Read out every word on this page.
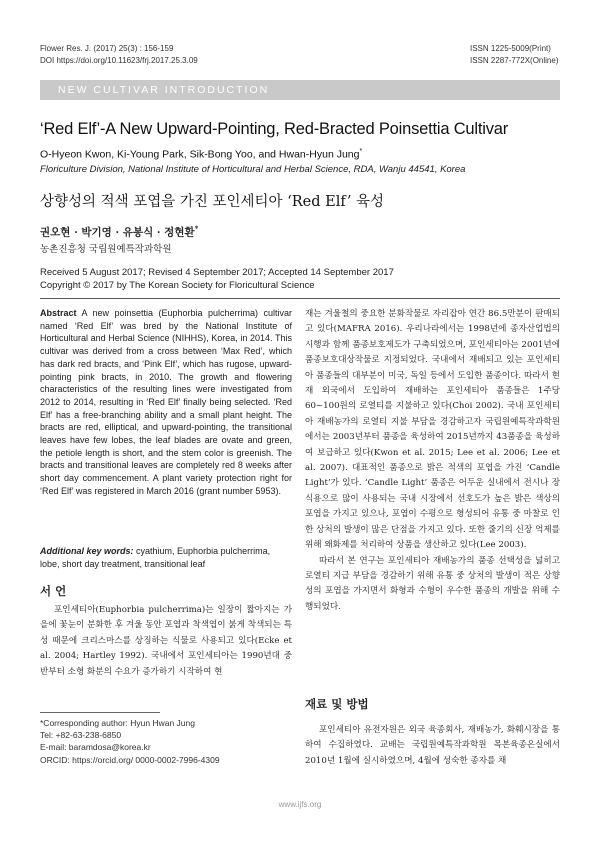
Flower Res. J. (2017) 25(3) : 156-159
DOI https://doi.org/10.11623/frj.2017.25.3.09
ISSN 1225-5009(Print)
ISSN 2287-772X(Online)
NEW CULTIVAR INTRODUCTION
‘Red Elf’-A New Upward-Pointing, Red-Bracted Poinsettia Cultivar
O-Hyeon Kwon, Ki-Young Park, Sik-Bong Yoo, and Hwan-Hyun Jung*
Floriculture Division, National Institute of Horticultural and Herbal Science, RDA, Wanju 44541, Korea
상향성의 적색 포엽을 가진 포인세티아 ‘Red Elf’ 육성
권오현 · 박기영 · 유봉식 · 정현환*
농촌진흥청 국립원예특작과학원
Received 5 August 2017; Revised 4 September 2017; Accepted 14 September 2017
Copyright © 2017 by The Korean Society for Floricultural Science
Abstract A new poinsettia (Euphorbia pulcherrima) cultivar named ‘Red Elf’ was bred by the National Institute of Horticultural and Herbal Science (NIHHS), Korea, in 2014. This cultivar was derived from a cross between ‘Max Red’, which has dark red bracts, and ‘Pink Elf’, which has rugose, upward-pointing pink bracts, in 2010. The growth and flowering characteristics of the resulting lines were investigated from 2012 to 2014, resulting in ‘Red Elf’ finally being selected. ‘Red Elf’ has a free-branching ability and a small plant height. The bracts are red, elliptical, and upward-pointing, the transitional leaves have few lobes, the leaf blades are ovate and green, the petiole length is short, and the stem color is greenish. The bracts and transitional leaves are completely red 8 weeks after short day commencement. A plant variety protection right for ‘Red Elf’ was registered in March 2016 (grant number 5953).
Additional key words: cyathium, Euphorbia pulcherrima, lobe, short day treatment, transitional leaf
서 언

포인세티아(Euphorbia pulcherrima)는 일장이 짧아지는 가을에 꽃눈이 분화한 후 겨울 동안 포엽과 착색엽이 붉게 착색되는 특성 때문에 크리스마스를 상징하는 식물로 사용되고 있다(Ecke et al. 2004; Hartley 1992). 국내에서 포인세티아는 1990년대 중반부터 소형 화분의 수요가 증가하기 시작하여 현

*Corresponding author: Hyun Hwan Jung
Tel: +82-63-238-6850
E-mail: baramdosa@korea.kr
ORCID: https://orcid.org/ 0000-0002-7996-4309

재는 겨울철의 중요한 분화작물로 자리잡아 연간 86.5만분이 판매되고 있다(MAFRA 2016). 우리나라에서는 1998년에 종자산업법의 시행과 함께 품종보호제도가 구축되었으며, 포인세티아는 2001년에 품종보호대상작물로 지정되었다. 국내에서 재배되고 있는 포인세티아 품종들의 대부분이 미국, 독일 등에서 도입한 품종이다. 따라서 현재 외국에서 도입하여 재배하는 포인세티아 품종들은 1주당 60~100원의 로열티를 지불하고 있다(Choi 2002). 국내 포인세티아 재배농가의 로열티 지불 부담을 경감하고자 국립원예특작과학원에서는 2003년부터 품종을 육성하여 2015년까지 43품종을 육성하여 보급하고 있다(Kwon et al. 2015; Lee et al. 2006; Lee et al. 2007). 대표적인 품종으로 밝은 적색의 포엽을 가진 ‘Candle Light’가 있다. ‘Candle Light’ 품종은 어두운 실내에서 전시나 장식용으로 많이 사용되는 국내 시장에서 선호도가 높은 밝은 색상의 포엽을 가지고 있으나, 포엽이 수평으로 형성되어 유통 중 마찰로 인한 상처의 발생이 많은 단점을 가지고 있다. 또한 줄기의 신장 억제를 위해 왜화제를 처리하여 상품을 생산하고 있다(Lee 2003).

따라서 본 연구는 포인세티아 재배농가의 품종 선택성을 넓히고 로열티 지급 부담을 경감하기 위해 유통 중 상처의 발생이 적은 상향성의 포엽을 가지면서 화형과 수형이 우수한 품종의 개발을 위해 수행되었다.

재료 및 방법

포인세티아 유전자원은 외국 육종회사, 재배농가, 화훼시장을 통하여 수집하였다. 교배는 국립원예특작과학원 목본육종온실에서 2010년 1월에 실시하였으며, 4월에 성숙한 종자를 채

www.ijfs.org
